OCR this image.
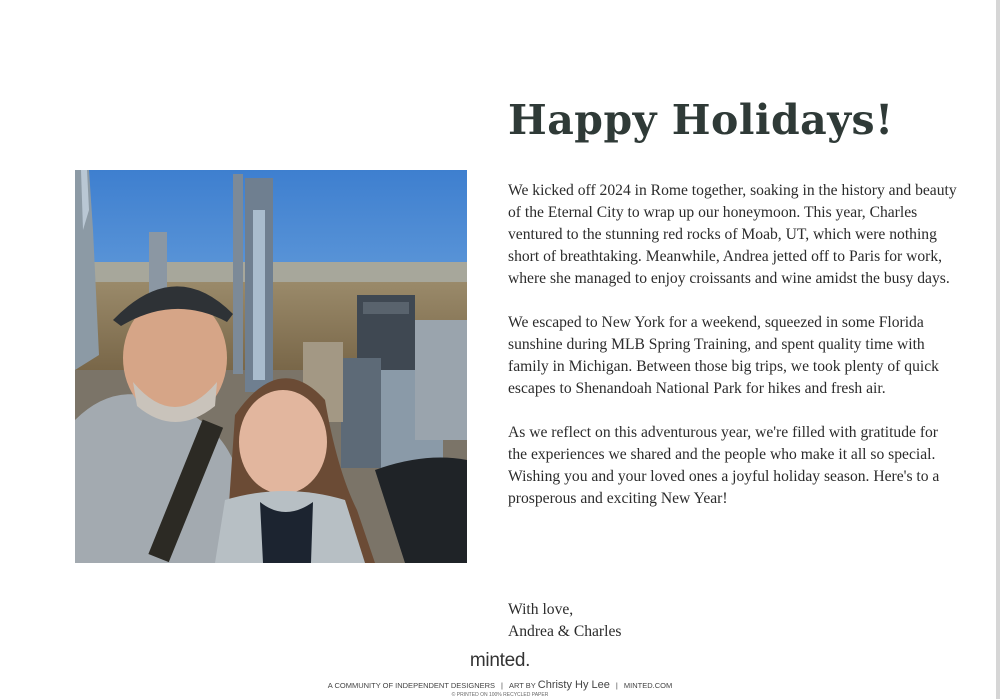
Happy Holidays!

We kicked off 2024 in Rome together, soaking in the history and beauty of the Eternal City to wrap up our honeymoon. This year, Charles ventured to the stunning red rocks of Moab, UT, which were nothing short of breathtaking. Meanwhile, Andrea jetted off to Paris for work, where she managed to enjoy croissants and wine amidst the busy days.

We escaped to New York for a weekend, squeezed in some Florida sunshine during MLB Spring Training, and spent quality time with family in Michigan. Between those big trips, we took plenty of quick escapes to Shenandoah National Park for hikes and fresh air.

As we reflect on this adventurous year, we're filled with gratitude for the experiences we shared and the people who make it all so special. Wishing you and your loved ones a joyful holiday season. Here's to a prosperous and exciting New Year!

With love,
Andrea & Charles
minted.
A COMMUNITY OF INDEPENDENT DESIGNERS | ART BY Christy Hy Lee | MINTED.COM
© PRINTED ON 100% RECYCLED PAPER
